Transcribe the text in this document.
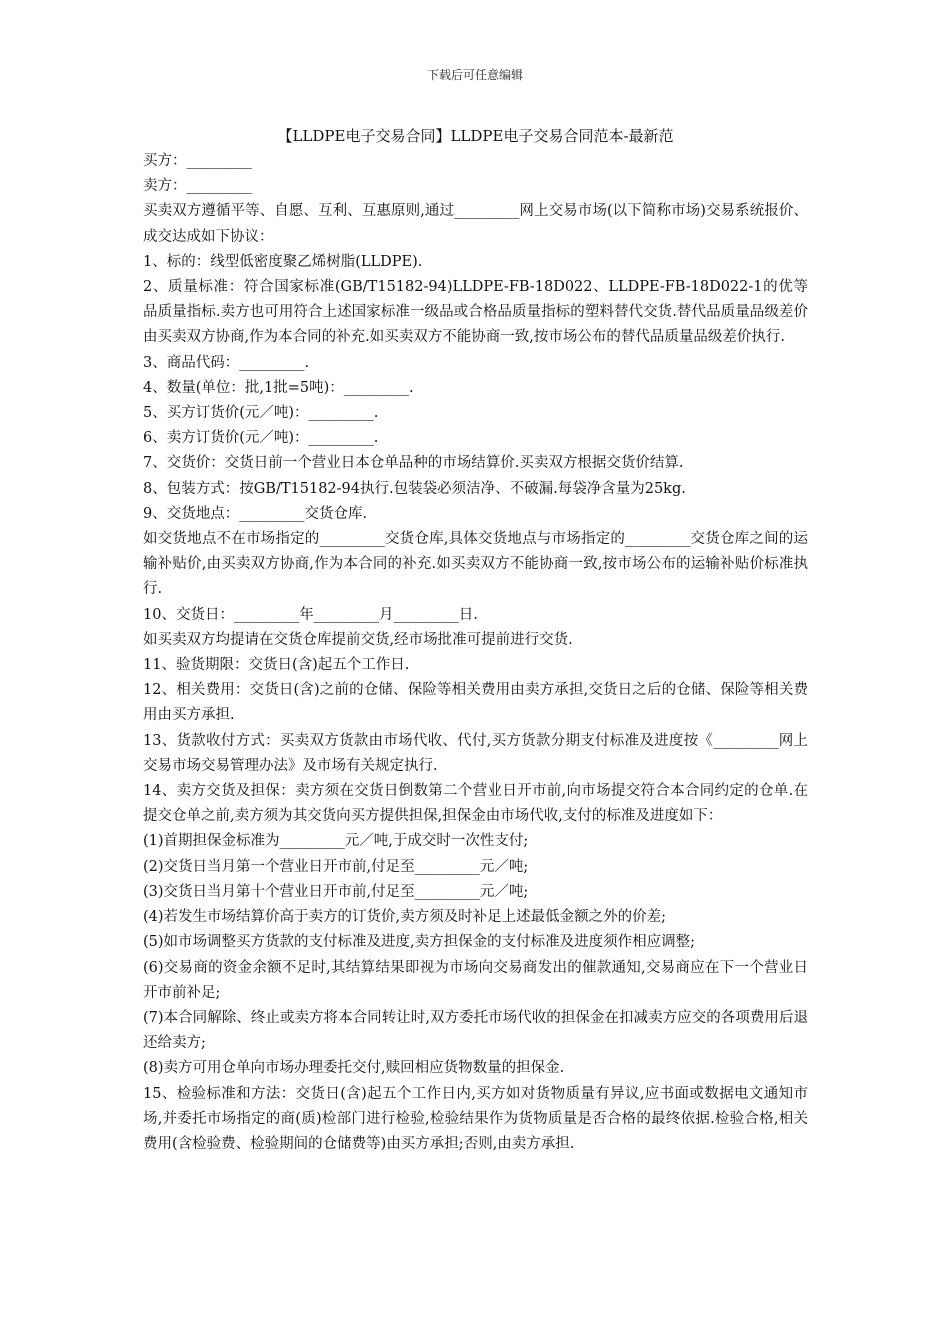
下载后可任意编辑
【LLDPE电子交易合同】LLDPE电子交易合同范本-最新范

买方：_________

卖方：_________

买卖双方遵循平等、自愿、互利、互惠原则,通过_________网上交易市场(以下简称市场)交易系统报价、成交达成如下协议：

1、标的：线型低密度聚乙烯树脂(LLDPE).

2、质量标准：符合国家标准(GB/T15182-94)LLDPE-FB-18D022、LLDPE-FB-18D022-1的优等品质量指标.卖方也可用符合上述国家标准一级品或合格品质量指标的塑料替代交货.替代品质量品级差价由买卖双方协商,作为本合同的补充.如买卖双方不能协商一致,按市场公布的替代品质量品级差价执行.

3、商品代码：_________.

4、数量(单位：批,1批=5吨)：_________.

5、买方订货价(元／吨)：_________.

6、卖方订货价(元／吨)：_________.

7、交货价：交货日前一个营业日本仓单品种的市场结算价.买卖双方根据交货价结算.

8、包装方式：按GB/T15182-94执行.包装袋必须洁净、不破漏.每袋净含量为25kg.

9、交货地点：_________交货仓库.

如交货地点不在市场指定的_________交货仓库,具体交货地点与市场指定的_________交货仓库之间的运输补贴价,由买卖双方协商,作为本合同的补充.如买卖双方不能协商一致,按市场公布的运输补贴价标准执行.

10、交货日：_________年_________月_________日.

如买卖双方均提请在交货仓库提前交货,经市场批准可提前进行交货.

11、验货期限：交货日(含)起五个工作日.

12、相关费用：交货日(含)之前的仓储、保险等相关费用由卖方承担,交货日之后的仓储、保险等相关费用由买方承担.

13、货款收付方式：买卖双方货款由市场代收、代付,买方货款分期支付标准及进度按《_________网上交易市场交易管理办法》及市场有关规定执行.

14、卖方交货及担保：卖方须在交货日倒数第二个营业日开市前,向市场提交符合本合同约定的仓单.在提交仓单之前,卖方须为其交货向买方提供担保,担保金由市场代收,支付的标准及进度如下：

(1)首期担保金标准为_________元／吨,于成交时一次性支付;

(2)交货日当月第一个营业日开市前,付足至_________元／吨;

(3)交货日当月第十个营业日开市前,付足至_________元／吨;

(4)若发生市场结算价高于卖方的订货价,卖方须及时补足上述最低金额之外的价差;

(5)如市场调整买方货款的支付标准及进度,卖方担保金的支付标准及进度须作相应调整;

(6)交易商的资金余额不足时,其结算结果即视为市场向交易商发出的催款通知,交易商应在下一个营业日开市前补足;

(7)本合同解除、终止或卖方将本合同转让时,双方委托市场代收的担保金在扣减卖方应交的各项费用后退还给卖方;

(8)卖方可用仓单向市场办理委托交付,赎回相应货物数量的担保金.

15、检验标准和方法：交货日(含)起五个工作日内,买方如对货物质量有异议,应书面或数据电文通知市场,并委托市场指定的商(质)检部门进行检验,检验结果作为货物质量是否合格的最终依据.检验合格,相关费用(含检验费、检验期间的仓储费等)由买方承担;否则,由卖方承担.
